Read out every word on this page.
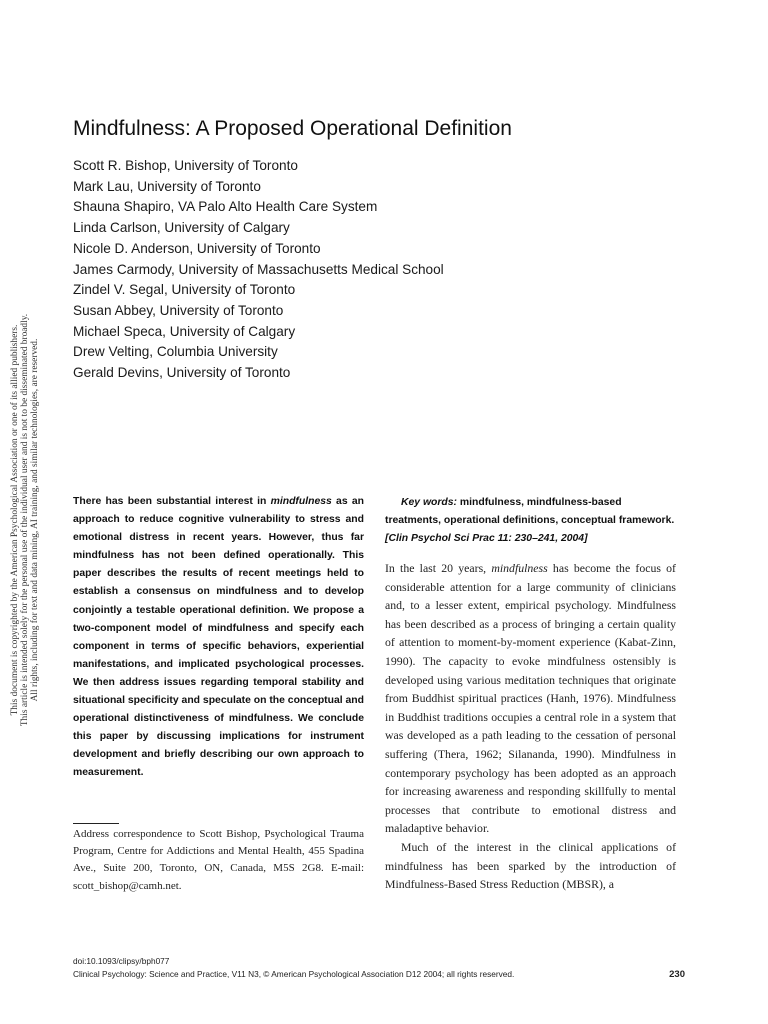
This document is copyrighted by the American Psychological Association or one of its allied publishers. This article is intended solely for the personal use of the individual user and is not to be disseminated broadly. All rights, including for text and data mining, AI training, and similar technologies, are reserved.
Mindfulness: A Proposed Operational Definition
Scott R. Bishop, University of Toronto
Mark Lau, University of Toronto
Shauna Shapiro, VA Palo Alto Health Care System
Linda Carlson, University of Calgary
Nicole D. Anderson, University of Toronto
James Carmody, University of Massachusetts Medical School
Zindel V. Segal, University of Toronto
Susan Abbey, University of Toronto
Michael Speca, University of Calgary
Drew Velting, Columbia University
Gerald Devins, University of Toronto

There has been substantial interest in mindfulness as an approach to reduce cognitive vulnerability to stress and emotional distress in recent years. However, thus far mindfulness has not been defined operationally. This paper describes the results of recent meetings held to establish a consensus on mindfulness and to develop conjointly a testable operational definition. We propose a two-component model of mindfulness and specify each component in terms of specific behaviors, experiential manifestations, and implicated psychological processes. We then address issues regarding temporal stability and situational specificity and speculate on the conceptual and operational distinctiveness of mindfulness. We conclude this paper by discussing implications for instrument development and briefly describing our own approach to measurement.

Address correspondence to Scott Bishop, Psychological Trauma Program, Centre for Addictions and Mental Health, 455 Spadina Ave., Suite 200, Toronto, ON, Canada, M5S 2G8. E-mail: scott_bishop@camh.net.

Key words: mindfulness, mindfulness-based treatments, operational definitions, conceptual framework.
[Clin Psychol Sci Prac 11: 230–241, 2004]

In the last 20 years, mindfulness has become the focus of considerable attention for a large community of clinicians and, to a lesser extent, empirical psychology. Mindfulness has been described as a process of bringing a certain quality of attention to moment-by-moment experience (Kabat-Zinn, 1990). The capacity to evoke mindfulness ostensibly is developed using various meditation techniques that originate from Buddhist spiritual practices (Hanh, 1976). Mindfulness in Buddhist traditions occupies a central role in a system that was developed as a path leading to the cessation of personal suffering (Thera, 1962; Silananda, 1990). Mindfulness in contemporary psychology has been adopted as an approach for increasing awareness and responding skillfully to mental processes that contribute to emotional distress and maladaptive behavior.

Much of the interest in the clinical applications of mindfulness has been sparked by the introduction of Mindfulness-Based Stress Reduction (MBSR), a

doi:10.1093/clipsy/bph077
Clinical Psychology: Science and Practice, V11 N3, © American Psychological Association D12 2004; all rights reserved.	230
